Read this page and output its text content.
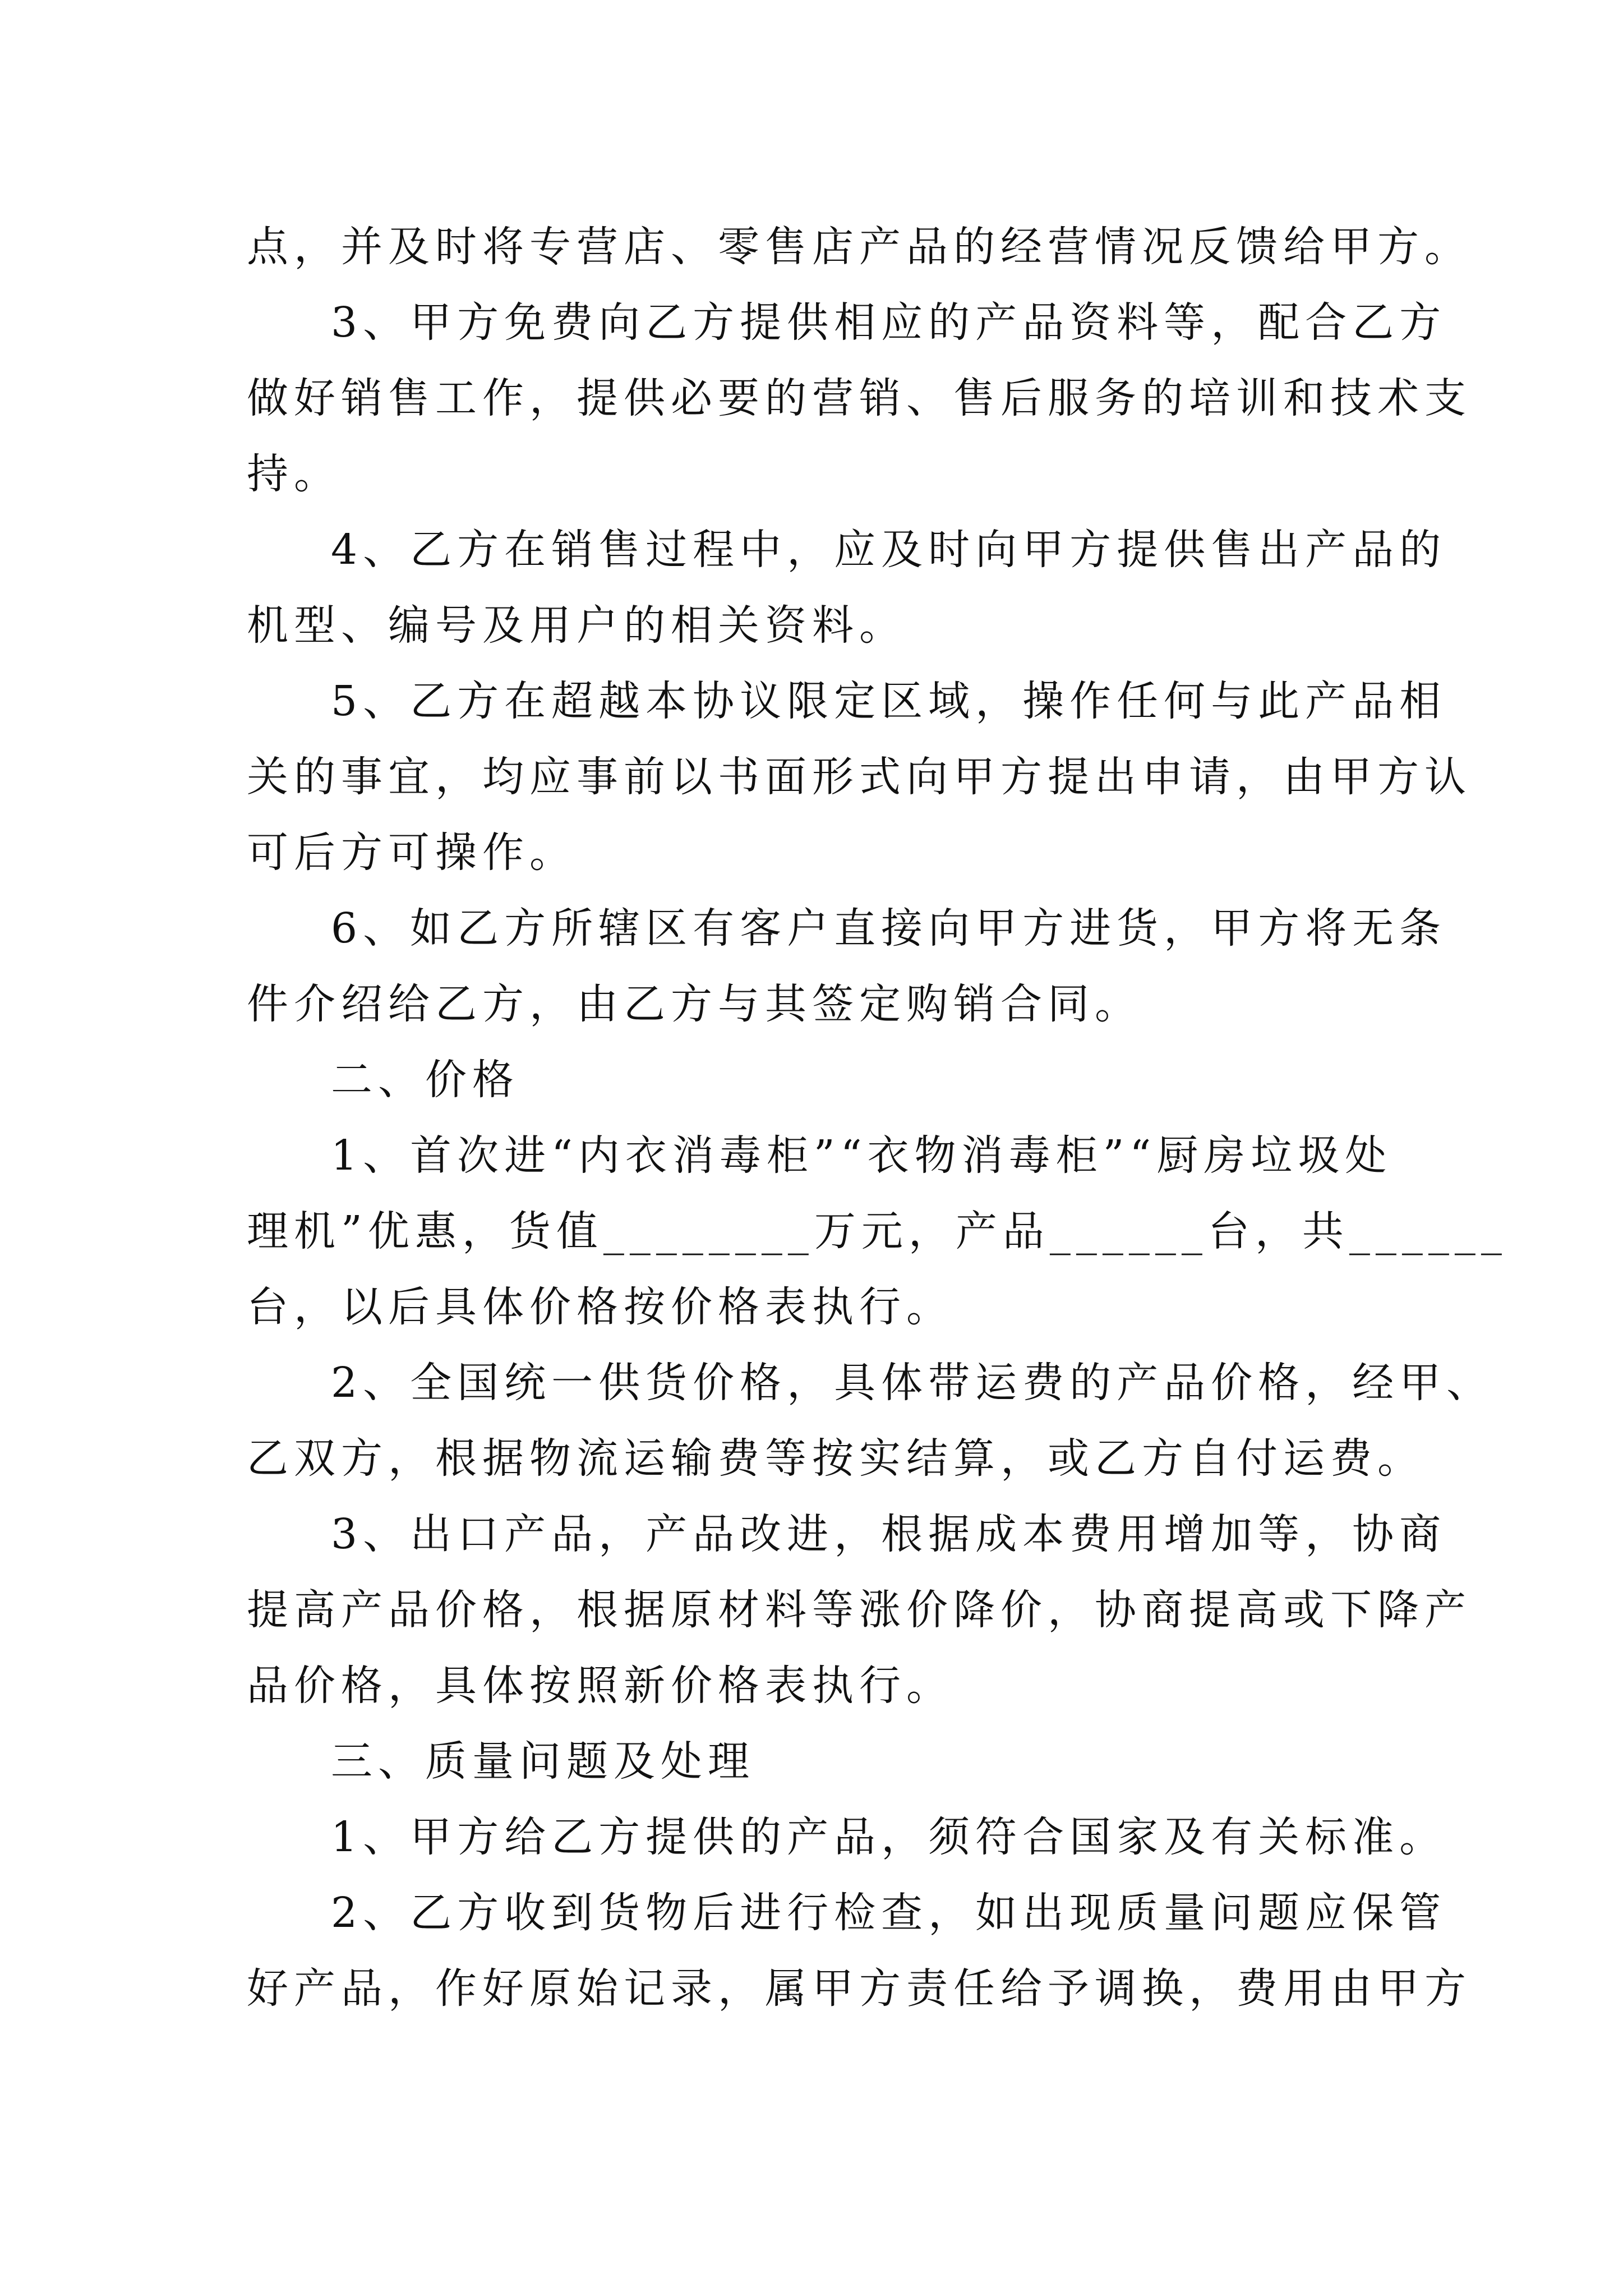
点，并及时将专营店、零售店产品的经营情况反馈给甲方。
3、甲方免费向乙方提供相应的产品资料等，配合乙方
做好销售工作，提供必要的营销、售后服务的培训和技术支
持。
4、乙方在销售过程中，应及时向甲方提供售出产品的
机型、编号及用户的相关资料。
5、乙方在超越本协议限定区域，操作任何与此产品相
关的事宜，均应事前以书面形式向甲方提出申请，由甲方认
可后方可操作。
6、如乙方所辖区有客户直接向甲方进货，甲方将无条
件介绍给乙方，由乙方与其签定购销合同。
二、价格
1、首次进“内衣消毒柜”“衣物消毒柜”“厨房垃圾处
理机”优惠，货值________万元，产品______台，共______
台，以后具体价格按价格表执行。
2、全国统一供货价格，具体带运费的产品价格，经甲、
乙双方，根据物流运输费等按实结算，或乙方自付运费。
3、出口产品，产品改进，根据成本费用增加等，协商
提高产品价格，根据原材料等涨价降价，协商提高或下降产
品价格，具体按照新价格表执行。
三、质量问题及处理
1、甲方给乙方提供的产品，须符合国家及有关标准。
2、乙方收到货物后进行检查，如出现质量问题应保管
好产品，作好原始记录，属甲方责任给予调换，费用由甲方
